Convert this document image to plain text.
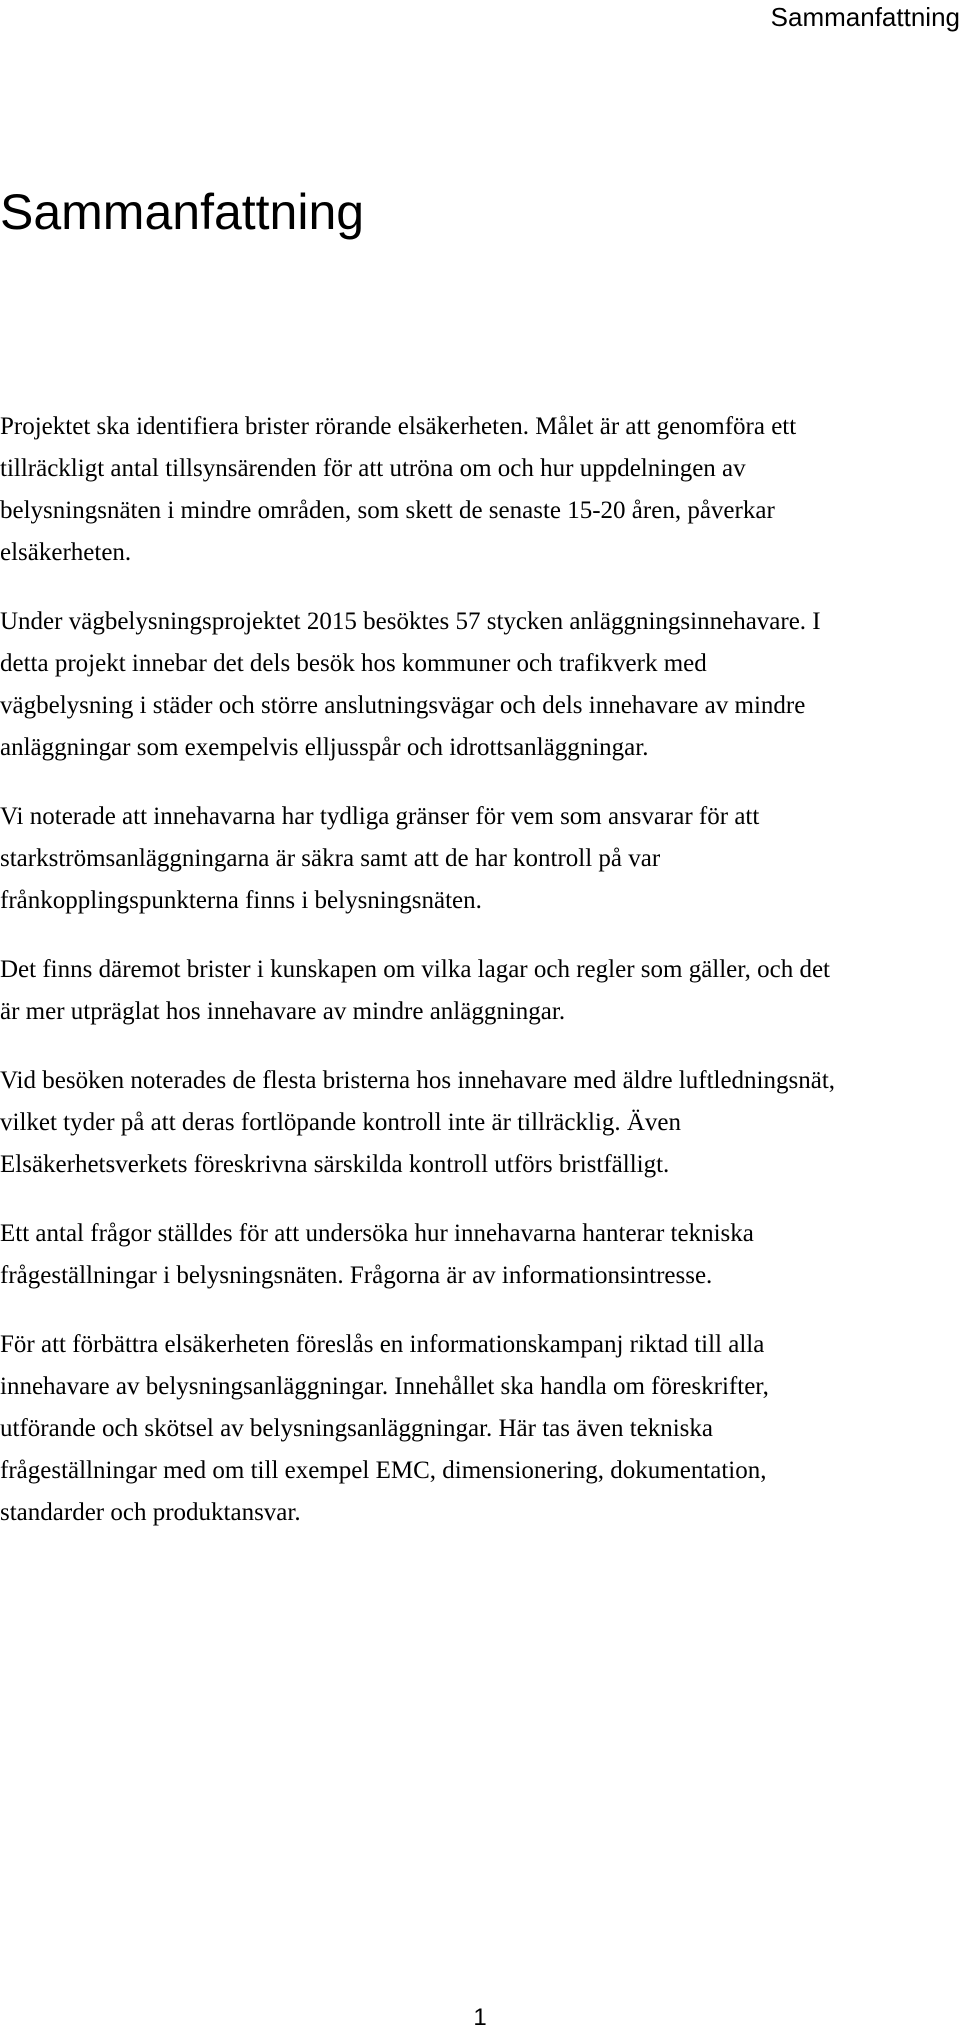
Sammanfattning
Sammanfattning

Projektet ska identifiera brister rörande elsäkerheten. Målet är att genomföra ett
tillräckligt antal tillsynsärenden för att utröna om och hur uppdelningen av
belysningsnäten i mindre områden, som skett de senaste 15-20 åren, påverkar
elsäkerheten.

Under vägbelysningsprojektet 2015 besöktes 57 stycken anläggningsinnehavare. I
detta projekt innebar det dels besök hos kommuner och trafikverk med
vägbelysning i städer och större anslutningsvägar och dels innehavare av mindre
anläggningar som exempelvis elljusspår och idrottsanläggningar.

Vi noterade att innehavarna har tydliga gränser för vem som ansvarar för att
starkströmsanläggningarna är säkra samt att de har kontroll på var
frånkopplingspunkterna finns i belysningsnäten.

Det finns däremot brister i kunskapen om vilka lagar och regler som gäller, och det
är mer utpräglat hos innehavare av mindre anläggningar.

Vid besöken noterades de flesta bristerna hos innehavare med äldre luftledningsnät,
vilket tyder på att deras fortlöpande kontroll inte är tillräcklig. Även
Elsäkerhetsverkets föreskrivna särskilda kontroll utförs bristfälligt.

Ett antal frågor ställdes för att undersöka hur innehavarna hanterar tekniska
frågeställningar i belysningsnäten. Frågorna är av informationsintresse.

För att förbättra elsäkerheten föreslås en informationskampanj riktad till alla
innehavare av belysningsanläggningar. Innehållet ska handla om föreskrifter,
utförande och skötsel av belysningsanläggningar. Här tas även tekniska
frågeställningar med om till exempel EMC, dimensionering, dokumentation,
standarder och produktansvar.

1
